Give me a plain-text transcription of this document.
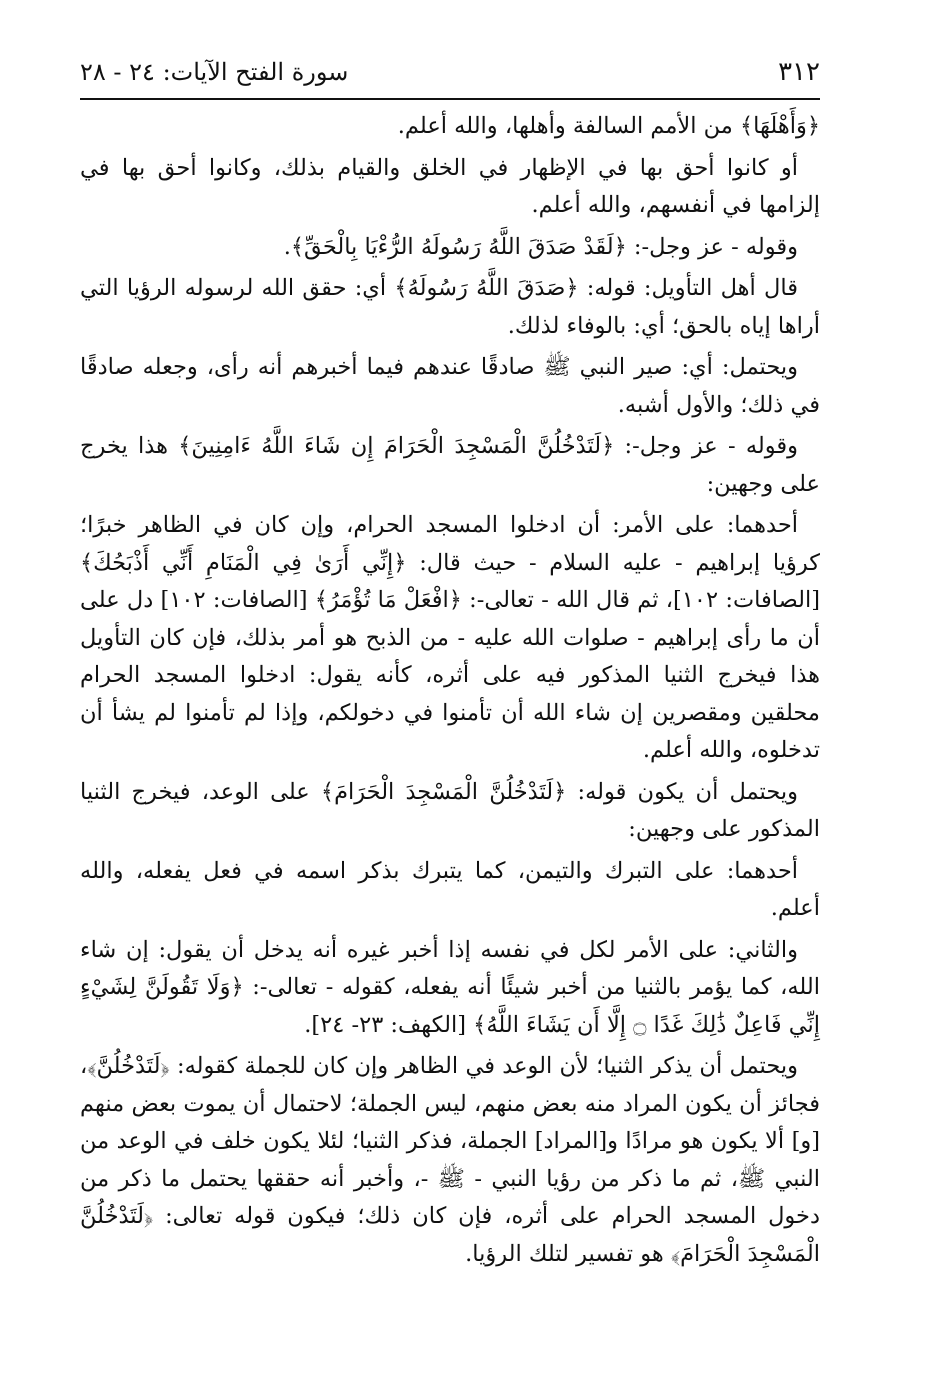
٣١٢
سورة الفتح الآيات: ٢٤ - ٢٨

﴿وَأَهْلَهَا﴾ من الأمم السالفة وأهلها، والله أعلم.

أو كانوا أحق بها في الإظهار في الخلق والقيام بذلك، وكانوا أحق بها في إلزامها في أنفسهم، والله أعلم.

وقوله - عز وجل-: ﴿لَقَدْ صَدَقَ اللَّهُ رَسُولَهُ الرُّءْيَا بِالْحَقِّ﴾.

قال أهل التأويل: قوله: ﴿صَدَقَ اللَّهُ رَسُولَهُ﴾ أي: حقق الله لرسوله الرؤيا التي أراها إياه بالحق؛ أي: بالوفاء لذلك.

ويحتمل: أي: صير النبي ﷺ صادقًا عندهم فيما أخبرهم أنه رأى، وجعله صادقًا في ذلك؛ والأول أشبه.

وقوله - عز وجل-: ﴿لَتَدْخُلُنَّ الْمَسْجِدَ الْحَرَامَ إِن شَاءَ اللَّهُ ءَامِنِينَ﴾ هذا يخرج على وجهين:

أحدهما: على الأمر: أن ادخلوا المسجد الحرام، وإن كان في الظاهر خبرًا؛ كرؤيا إبراهيم - عليه السلام - حيث قال: ﴿إِنِّي أَرَىٰ فِي الْمَنَامِ أَنِّي أَذْبَحُكَ﴾ [الصافات: ١٠٢]، ثم قال الله - تعالى-: ﴿افْعَلْ مَا تُؤْمَرُ﴾ [الصافات: ١٠٢] دل على أن ما رأى إبراهيم - صلوات الله عليه - من الذبح هو أمر بذلك، فإن كان التأويل هذا فيخرج الثنيا المذكور فيه على أثره، كأنه يقول: ادخلوا المسجد الحرام محلقين ومقصرين إن شاء الله أن تأمنوا في دخولكم، وإذا لم تأمنوا لم يشأ أن تدخلوه، والله أعلم.

ويحتمل أن يكون قوله: ﴿لَتَدْخُلُنَّ الْمَسْجِدَ الْحَرَامَ﴾ على الوعد، فيخرج الثنيا المذكور على وجهين:

أحدهما: على التبرك والتيمن، كما يتبرك بذكر اسمه في فعل يفعله، والله أعلم.

والثاني: على الأمر لكل في نفسه إذا أخبر غيره أنه يدخل أن يقول: إن شاء الله، كما يؤمر بالثنيا من أخبر شيئًا أنه يفعله، كقوله - تعالى-: ﴿وَلَا تَقُولَنَّ لِشَيْءٍ إِنِّي فَاعِلٌ ذَٰلِكَ غَدًا ۝ إِلَّا أَن يَشَاءَ اللَّهُ﴾ [الكهف: ٢٣- ٢٤].

ويحتمل أن يذكر الثنيا؛ لأن الوعد في الظاهر وإن كان للجملة كقوله: ﴿لَتَدْخُلُنَّ﴾، فجائز أن يكون المراد منه بعض منهم، ليس الجملة؛ لاحتمال أن يموت بعض منهم [و] ألا يكون هو مرادًا و[المراد] الجملة، فذكر الثنيا؛ لئلا يكون خلف في الوعد من النبي ﷺ، ثم ما ذكر من رؤيا النبي - ﷺ -، وأخبر أنه حققها يحتمل ما ذكر من دخول المسجد الحرام على أثره، فإن كان ذلك؛ فيكون قوله تعالى: ﴿لَتَدْخُلُنَّ الْمَسْجِدَ الْحَرَامَ﴾ هو تفسير لتلك الرؤيا.
